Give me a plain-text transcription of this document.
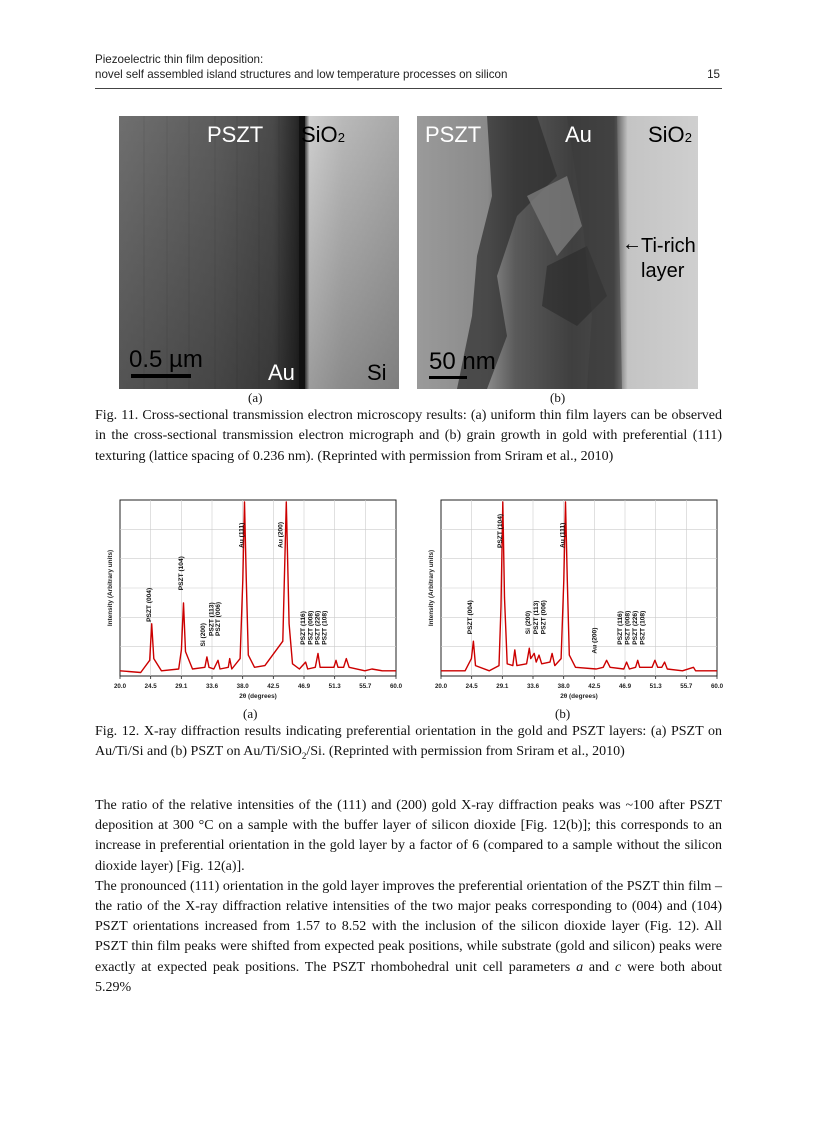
Piezoelectric thin film deposition:
novel self assembled island structures and low temperature processes on silicon	15
PSZT SiO2
0.5 µm	Au	Si
PSZT	Au	SiO2
← Ti-rich
layer
50 nm
(a)	(b)
Fig. 11. Cross-sectional transmission electron microscopy results: (a) uniform thin film layers can be observed in the cross-sectional transmission electron micrograph and (b) grain growth in gold with preferential (111) texturing (lattice spacing of 0.236 nm). (Reprinted with permission from Sriram et al., 2010)
20.0	24.5	29.1	33.6	38.0	42.5	46.9	51.3	55.7	60.0
2θ (degrees)
Intensity (Arbitrary units)	PSZT (004)
PSZT (104)
Si (200) PSZT (113) PSZT (006)
Au (111)	Au (200)
PSZT (116) PSZT (008) PSZT (226) PSZT (108)
20.0	24.5	29.1	33.6	38.0	42.5	46.9	51.3	55.7	60.0
2θ (degrees)
Intensity (Arbitrary units)	PSZT (004)
PSZT (104)
Si (200) PSZT (113) PSZT (006)
Au (111)
Au (200)	PSZT (116) PSZT (008) PSZT (226) PSZT (108)
(a)	(b)
Fig. 12. X-ray diffraction results indicating preferential orientation in the gold and PSZT layers: (a) PSZT on Au/Ti/Si and (b) PSZT on Au/Ti/SiO$_2$/Si. (Reprinted with permission from Sriram et al., 2010)

The ratio of the relative intensities of the (111) and (200) gold X-ray diffraction peaks was ~100 after PSZT deposition at 300 °C on a sample with the buffer layer of silicon dioxide [Fig. 12(b)]; this corresponds to an increase in preferential orientation in the gold layer by a factor of 6 (compared to a sample without the silicon dioxide layer) [Fig. 12(a)].

The pronounced (111) orientation in the gold layer improves the preferential orientation of the PSZT thin film – the ratio of the X-ray diffraction relative intensities of the two major peaks corresponding to (004) and (104) PSZT orientations increased from 1.57 to 8.52 with the inclusion of the silicon dioxide layer (Fig. 12). All PSZT thin film peaks were shifted from expected peak positions, while substrate (gold and silicon) peaks were exactly at expected peak positions. The PSZT rhombohedral unit cell parameters a and c were both about 5.29%
